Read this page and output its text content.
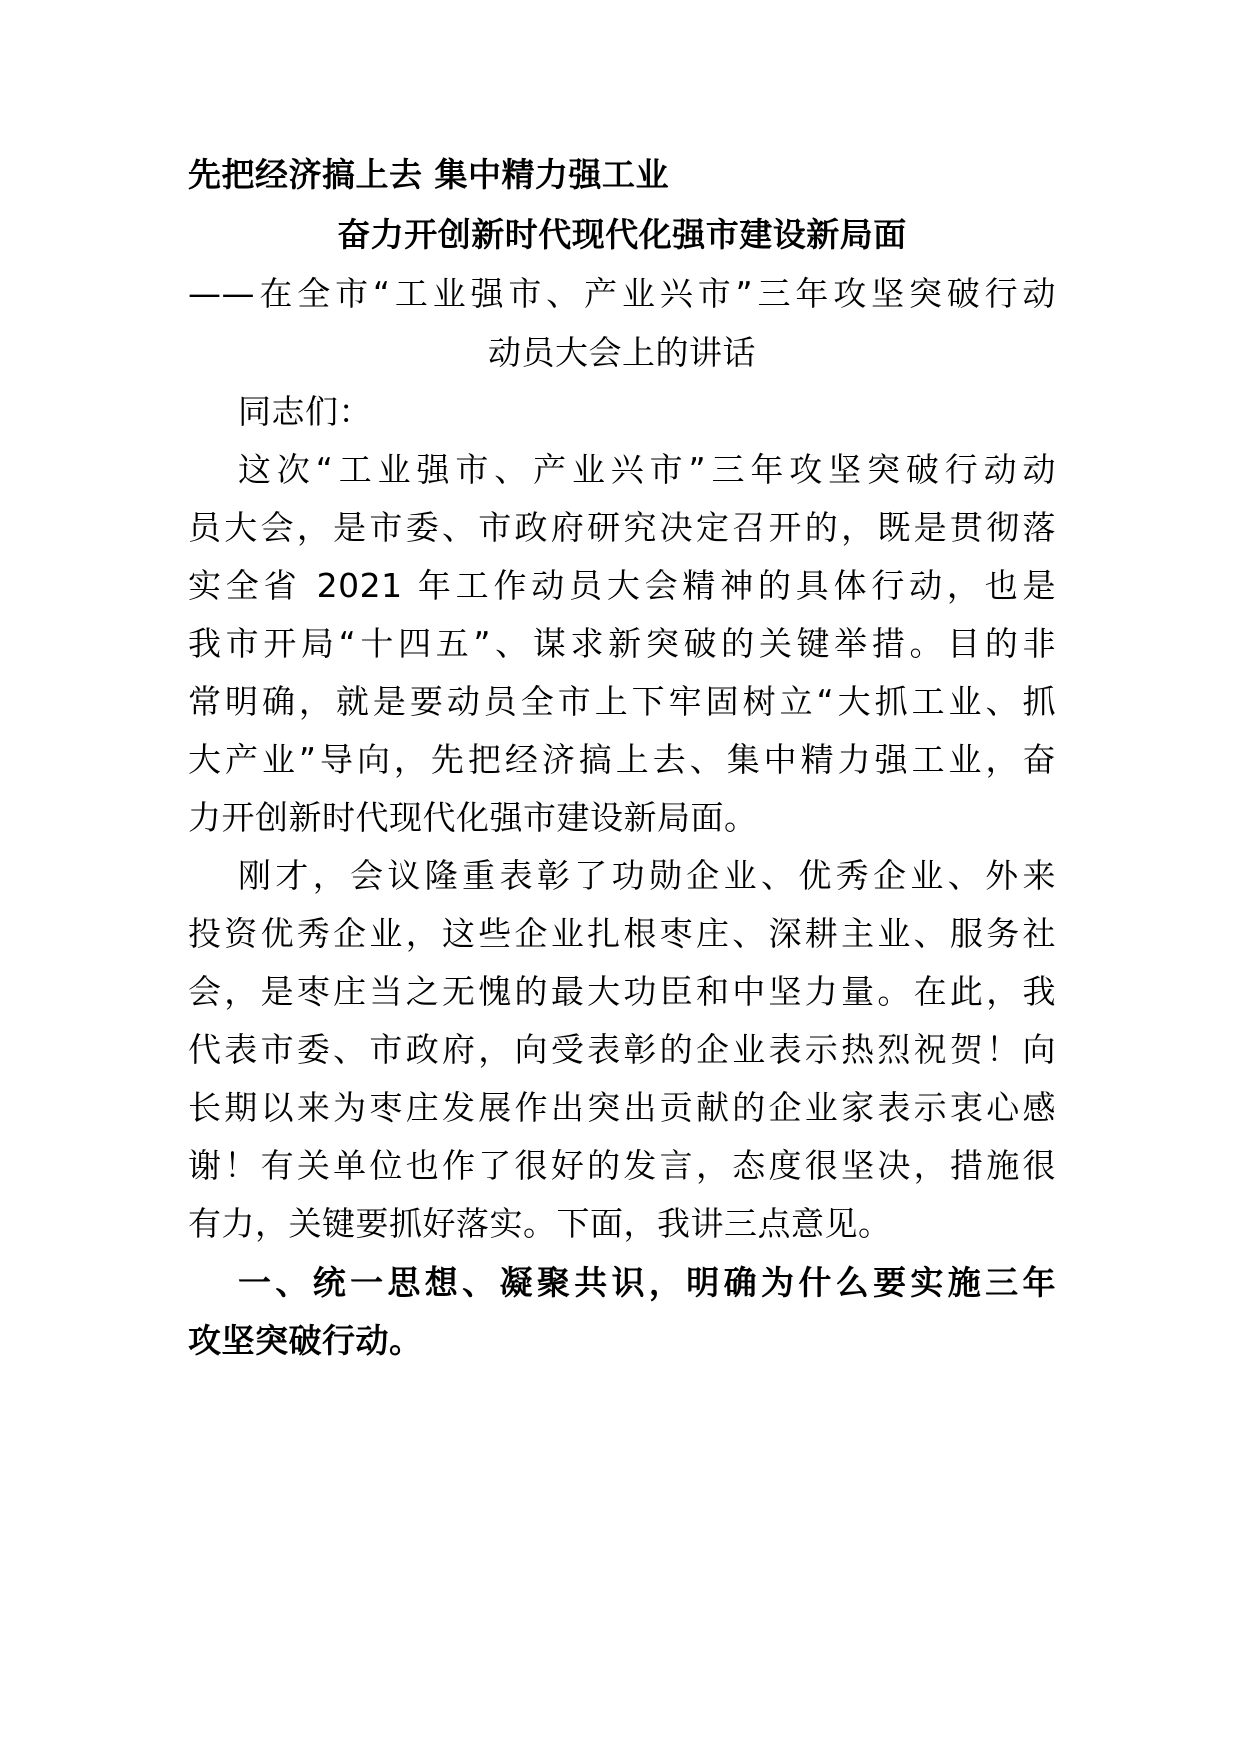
先把经济搞上去 集中精力强工业
奋力开创新时代现代化强市建设新局面
——在全市“工业强市、产业兴市”三年攻坚突破行动
动员大会上的讲话
同志们：
这次“工业强市、产业兴市”三年攻坚突破行动动
员大会，是市委、市政府研究决定召开的，既是贯彻落
实全省 2021 年工作动员大会精神的具体行动，也是
我市开局“十四五”、谋求新突破的关键举措。目的非
常明确，就是要动员全市上下牢固树立“大抓工业、抓
大产业”导向，先把经济搞上去、集中精力强工业，奋
力开创新时代现代化强市建设新局面。
刚才，会议隆重表彰了功勋企业、优秀企业、外来
投资优秀企业，这些企业扎根枣庄、深耕主业、服务社
会，是枣庄当之无愧的最大功臣和中坚力量。在此，我
代表市委、市政府，向受表彰的企业表示热烈祝贺！向
长期以来为枣庄发展作出突出贡献的企业家表示衷心感
谢！有关单位也作了很好的发言，态度很坚决，措施很
有力，关键要抓好落实。下面，我讲三点意见。
一、统一思想、凝聚共识，明确为什么要实施三年
攻坚突破行动。
